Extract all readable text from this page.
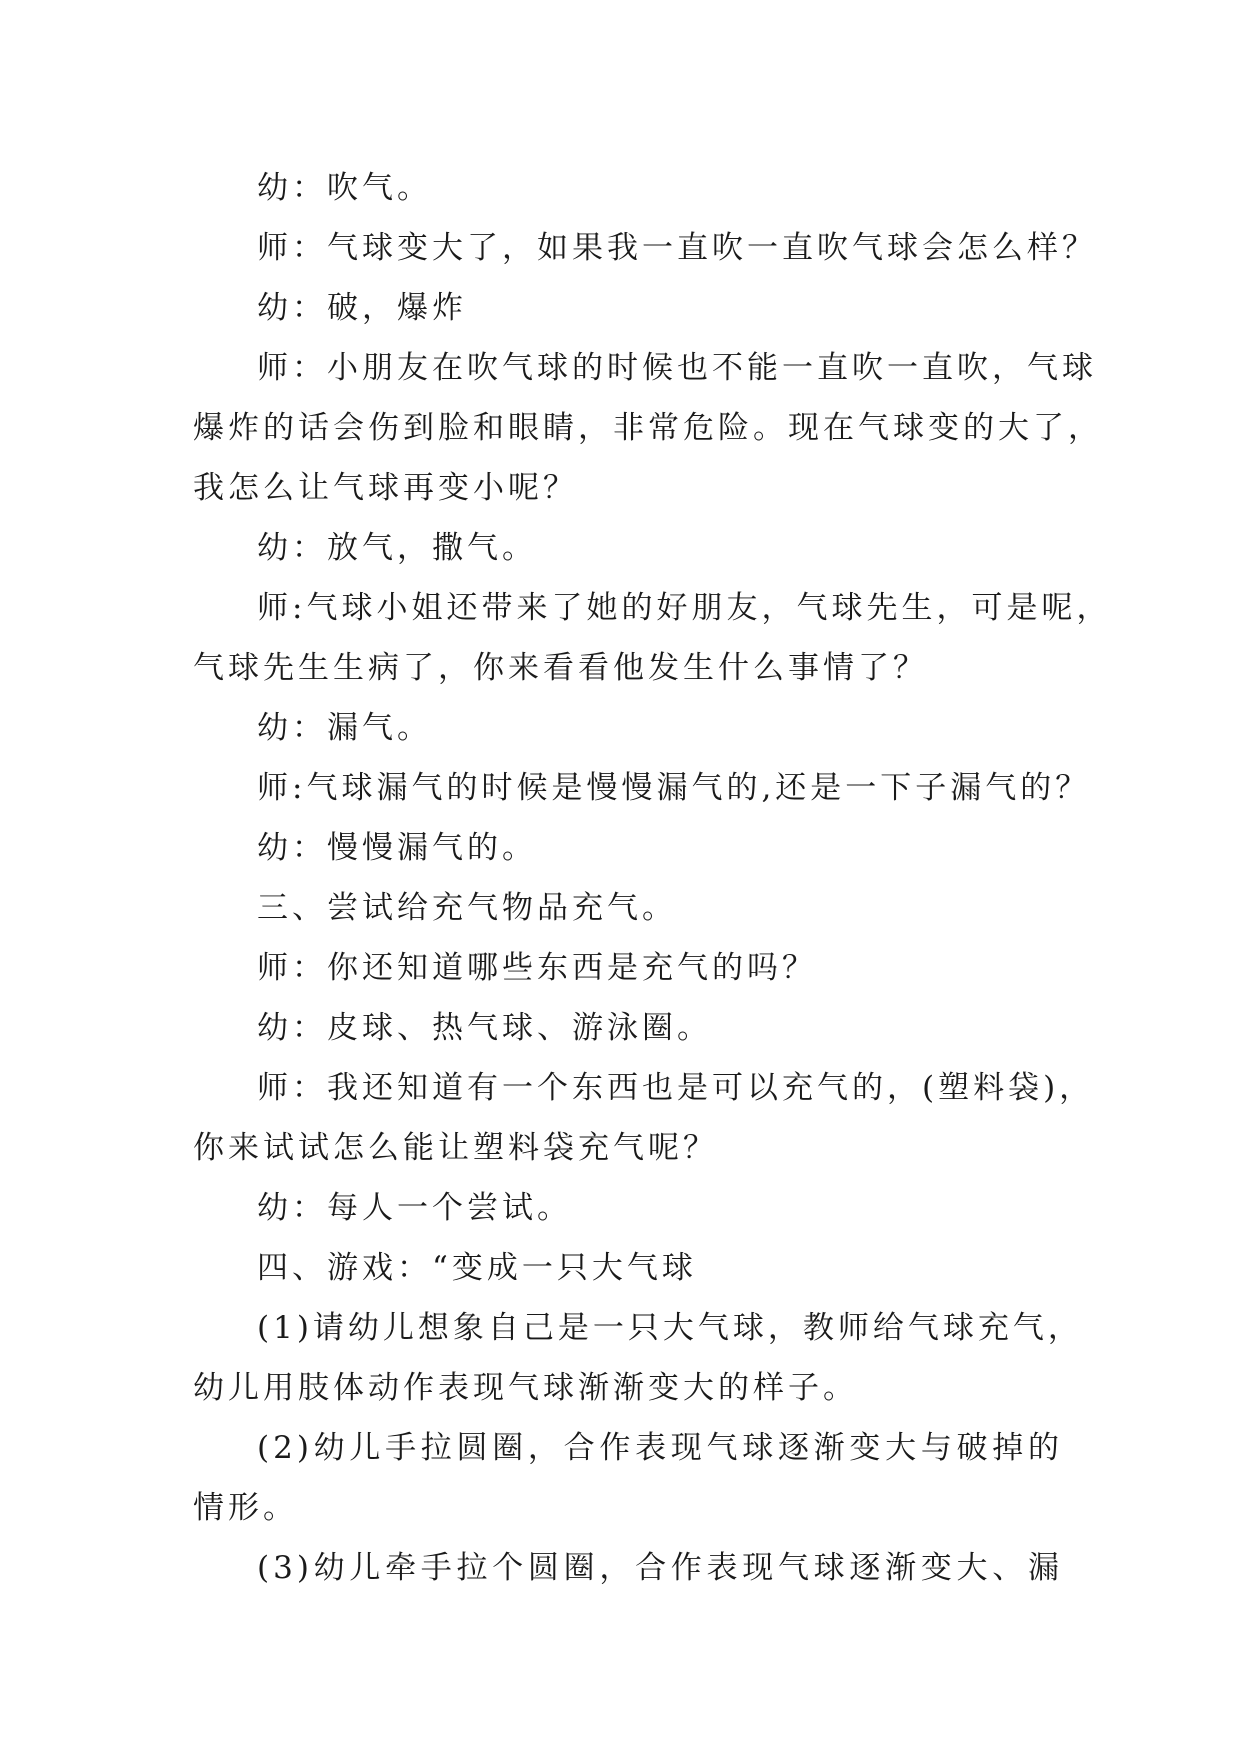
幼：吹气。
师：气球变大了，如果我一直吹一直吹气球会怎么样？
幼：破，爆炸
师：小朋友在吹气球的时候也不能一直吹一直吹，气球
爆炸的话会伤到脸和眼睛，非常危险。现在气球变的大了，
我怎么让气球再变小呢？
幼：放气，撒气。
师:气球小姐还带来了她的好朋友，气球先生，可是呢，
气球先生生病了，你来看看他发生什么事情了？
幼：漏气。
师:气球漏气的时候是慢慢漏气的,还是一下子漏气的？
幼：慢慢漏气的。
三、尝试给充气物品充气。
师：你还知道哪些东西是充气的吗？
幼：皮球、热气球、游泳圈。
师：我还知道有一个东西也是可以充气的，(塑料袋)，
你来试试怎么能让塑料袋充气呢？
幼：每人一个尝试。
四、游戏：“变成一只大气球
(1)请幼儿想象自己是一只大气球，教师给气球充气，
幼儿用肢体动作表现气球渐渐变大的样子。
(2)幼儿手拉圆圈，合作表现气球逐渐变大与破掉的
情形。
(3)幼儿牵手拉个圆圈，合作表现气球逐渐变大、漏
